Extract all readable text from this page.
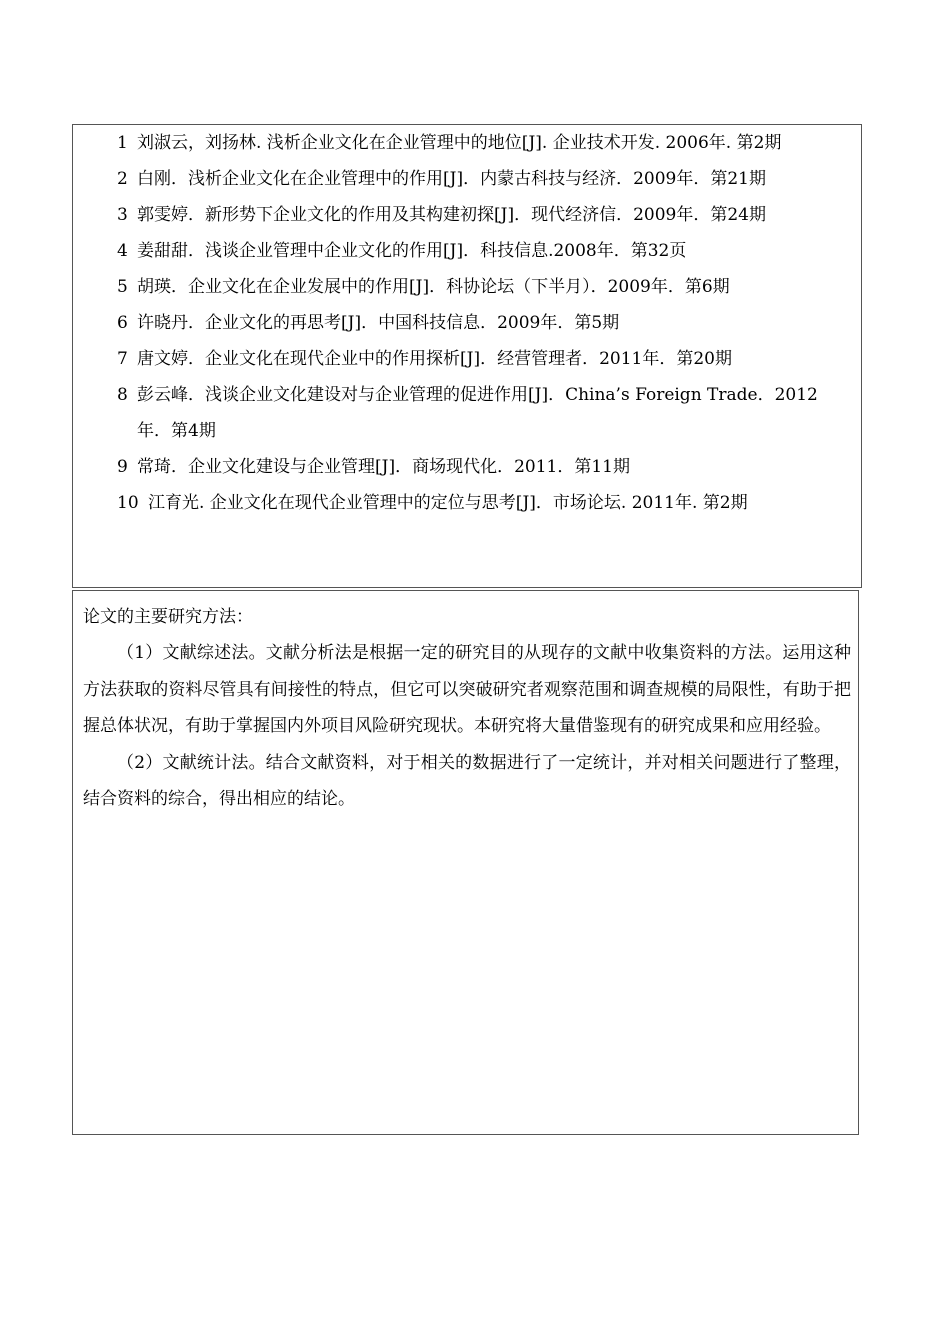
1 刘淑云，刘扬林. 浅析企业文化在企业管理中的地位[J]. 企业技术开发. 2006年. 第2期
2 白刚．浅析企业文化在企业管理中的作用[J]．内蒙古科技与经济．2009年．第21期
3 郭雯婷．新形势下企业文化的作用及其构建初探[J]．现代经济信．2009年．第24期
4 姜甜甜．浅谈企业管理中企业文化的作用[J]．科技信息.2008年．第32页
5 胡瑛．企业文化在企业发展中的作用[J]．科协论坛（下半月）．2009年．第6期
6 许晓丹．企业文化的再思考[J]．中国科技信息．2009年．第5期
7 唐文婷．企业文化在现代企业中的作用探析[J]．经营管理者．2011年．第20期
8 彭云峰．浅谈企业文化建设对与企业管理的促进作用[J]．China’s Foreign Trade．2012
年．第4期
9 常琦．企业文化建设与企业管理[J]．商场现代化．2011．第11期
10 江育光. 企业文化在现代企业管理中的定位与思考[J]．市场论坛. 2011年. 第2期

论文的主要研究方法：

（1）文献综述法。文献分析法是根据一定的研究目的从现存的文献中收集资料的方法。运用这种方法获取的资料尽管具有间接性的特点，但它可以突破研究者观察范围和调查规模的局限性，有助于把握总体状况，有助于掌握国内外项目风险研究现状。本研究将大量借鉴现有的研究成果和应用经验。

（2）文献统计法。结合文献资料，对于相关的数据进行了一定统计，并对相关问题进行了整理，结合资料的综合，得出相应的结论。
